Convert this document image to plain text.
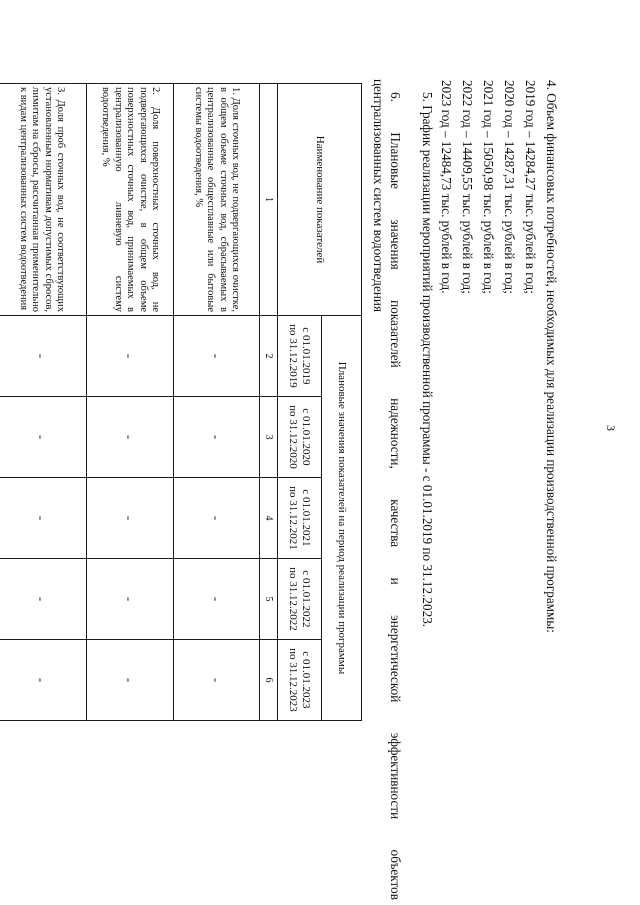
3
4. Объем финансовых потребностей, необходимых для реализации производственной программы:
2019 год – 14284,27 тыс. рублей в год;
2020 год – 14287,31 тыс. рублей в год;
2021 год – 15050,98 тыс. рублей в год;
2022 год – 14409,55 тыс. рублей в год;
2023 год – 12484,73 тыс. рублей в год.
5. График реализации мероприятий производственной программы - с 01.01.2019 по 31.12.2023.
6.
Плановые
значения
показателей
надежности,
качества
и
энергетической
эффективности
объектов
централизованных систем водоотведения
Наименование показателей	Плановые значения показателей на период реализации программы				
	с 01.01.2019
по 31.12.2019	с 01.01.2020
по 31.12.2020	с 01.01.2021
по 31.12.2021	с 01.01.2022
по 31.12.2022	с 01.01.2023
по 31.12.2023
1	2	3	4	5	6
1. Доля сточных вод, не подвергающихся очистке, в общем объеме сточных вод, сбрасываемых в централизованные общесплавные или бытовые системы водоотведения, %	-	-	-	-	-
2. Доля поверхностных сточных вод, не подвергающихся очистке, в общем объеме поверхностных сточных вод, принимаемых в централизованную ливневую систему водоотведения, %	-	-	-	-	-
3. Доля проб сточных вод, не соответствующих установленным нормативам допустимых сбросов, лимитам на сбросы, рассчитанная применительно к видам централизованных систем водоотведения	-	-	-	-	-
